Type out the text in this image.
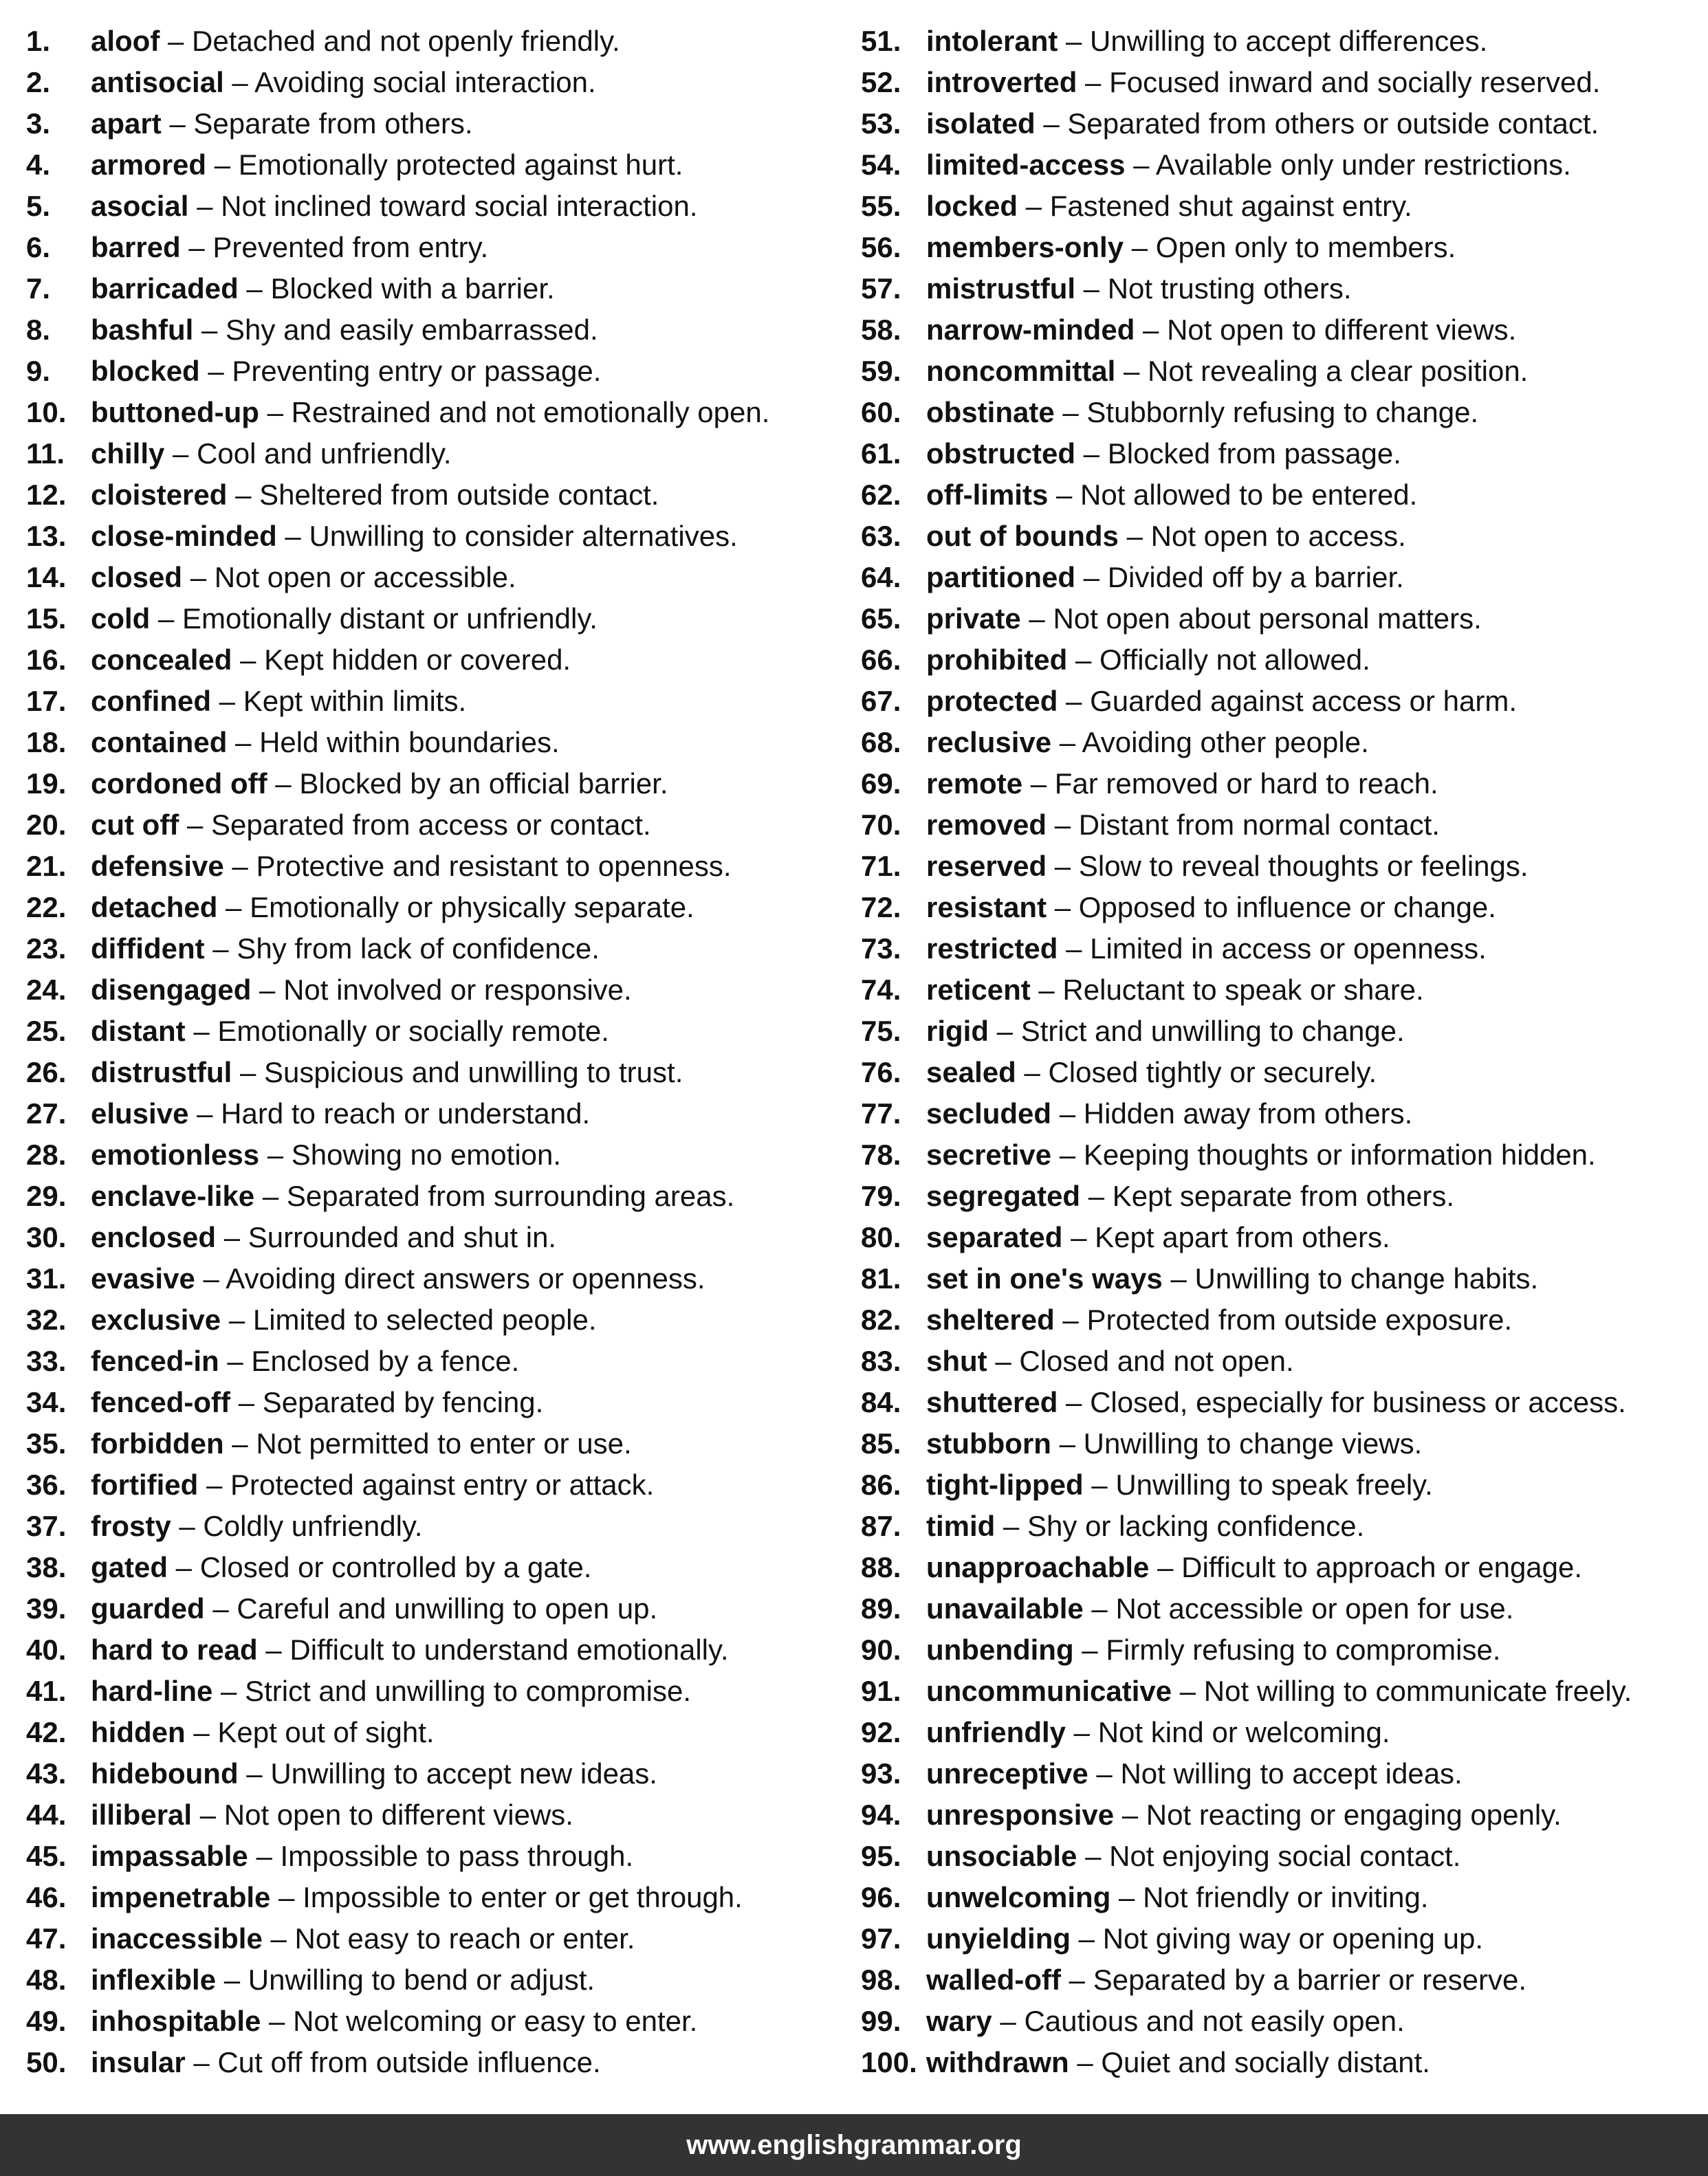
1. aloof – Detached and not openly friendly.
2. antisocial – Avoiding social interaction.
3. apart – Separate from others.
4. armored – Emotionally protected against hurt.
5. asocial – Not inclined toward social interaction.
6. barred – Prevented from entry.
7. barricaded – Blocked with a barrier.
8. bashful – Shy and easily embarrassed.
9. blocked – Preventing entry or passage.
10. buttoned-up – Restrained and not emotionally open.
11. chilly – Cool and unfriendly.
12. cloistered – Sheltered from outside contact.
13. close-minded – Unwilling to consider alternatives.
14. closed – Not open or accessible.
15. cold – Emotionally distant or unfriendly.
16. concealed – Kept hidden or covered.
17. confined – Kept within limits.
18. contained – Held within boundaries.
19. cordoned off – Blocked by an official barrier.
20. cut off – Separated from access or contact.
21. defensive – Protective and resistant to openness.
22. detached – Emotionally or physically separate.
23. diffident – Shy from lack of confidence.
24. disengaged – Not involved or responsive.
25. distant – Emotionally or socially remote.
26. distrustful – Suspicious and unwilling to trust.
27. elusive – Hard to reach or understand.
28. emotionless – Showing no emotion.
29. enclave-like – Separated from surrounding areas.
30. enclosed – Surrounded and shut in.
31. evasive – Avoiding direct answers or openness.
32. exclusive – Limited to selected people.
33. fenced-in – Enclosed by a fence.
34. fenced-off – Separated by fencing.
35. forbidden – Not permitted to enter or use.
36. fortified – Protected against entry or attack.
37. frosty – Coldly unfriendly.
38. gated – Closed or controlled by a gate.
39. guarded – Careful and unwilling to open up.
40. hard to read – Difficult to understand emotionally.
41. hard-line – Strict and unwilling to compromise.
42. hidden – Kept out of sight.
43. hidebound – Unwilling to accept new ideas.
44. illiberal – Not open to different views.
45. impassable – Impossible to pass through.
46. impenetrable – Impossible to enter or get through.
47. inaccessible – Not easy to reach or enter.
48. inflexible – Unwilling to bend or adjust.
49. inhospitable – Not welcoming or easy to enter.
50. insular – Cut off from outside influence.
51. intolerant – Unwilling to accept differences.
52. introverted – Focused inward and socially reserved.
53. isolated – Separated from others or outside contact.
54. limited-access – Available only under restrictions.
55. locked – Fastened shut against entry.
56. members-only – Open only to members.
57. mistrustful – Not trusting others.
58. narrow-minded – Not open to different views.
59. noncommittal – Not revealing a clear position.
60. obstinate – Stubbornly refusing to change.
61. obstructed – Blocked from passage.
62. off-limits – Not allowed to be entered.
63. out of bounds – Not open to access.
64. partitioned – Divided off by a barrier.
65. private – Not open about personal matters.
66. prohibited – Officially not allowed.
67. protected – Guarded against access or harm.
68. reclusive – Avoiding other people.
69. remote – Far removed or hard to reach.
70. removed – Distant from normal contact.
71. reserved – Slow to reveal thoughts or feelings.
72. resistant – Opposed to influence or change.
73. restricted – Limited in access or openness.
74. reticent – Reluctant to speak or share.
75. rigid – Strict and unwilling to change.
76. sealed – Closed tightly or securely.
77. secluded – Hidden away from others.
78. secretive – Keeping thoughts or information hidden.
79. segregated – Kept separate from others.
80. separated – Kept apart from others.
81. set in one's ways – Unwilling to change habits.
82. sheltered – Protected from outside exposure.
83. shut – Closed and not open.
84. shuttered – Closed, especially for business or access.
85. stubborn – Unwilling to change views.
86. tight-lipped – Unwilling to speak freely.
87. timid – Shy or lacking confidence.
88. unapproachable – Difficult to approach or engage.
89. unavailable – Not accessible or open for use.
90. unbending – Firmly refusing to compromise.
91. uncommunicative – Not willing to communicate freely.
92. unfriendly – Not kind or welcoming.
93. unreceptive – Not willing to accept ideas.
94. unresponsive – Not reacting or engaging openly.
95. unsociable – Not enjoying social contact.
96. unwelcoming – Not friendly or inviting.
97. unyielding – Not giving way or opening up.
98. walled-off – Separated by a barrier or reserve.
99. wary – Cautious and not easily open.
100. withdrawn – Quiet and socially distant.
www.englishgrammar.org
